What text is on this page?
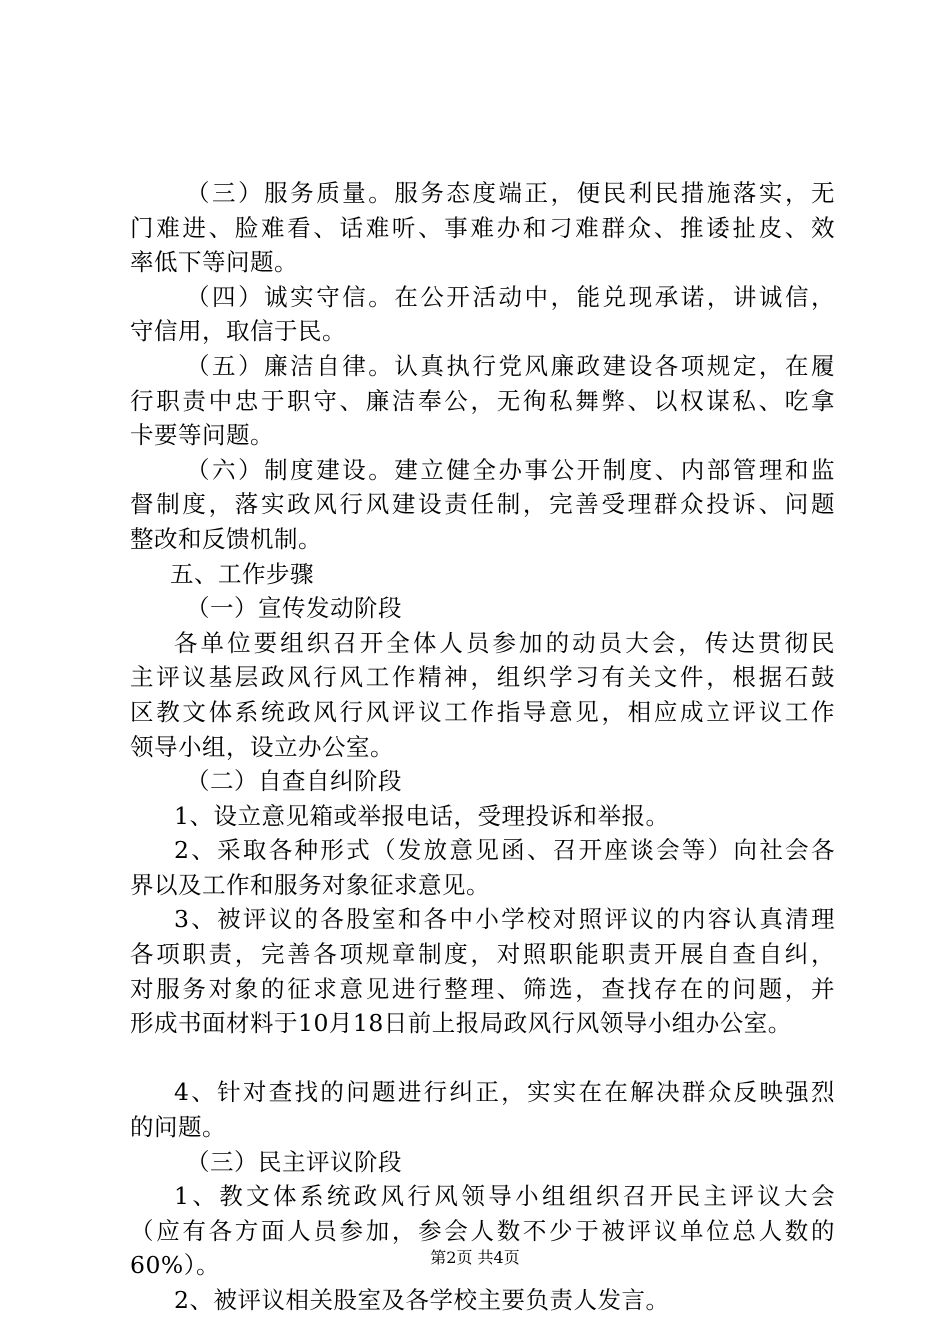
（三）服务质量。服务态度端正，便民利民措施落实，无
门难进、脸难看、话难听、事难办和刁难群众、推诿扯皮、效
率低下等问题。
（四）诚实守信。在公开活动中，能兑现承诺，讲诚信，
守信用，取信于民。
（五）廉洁自律。认真执行党风廉政建设各项规定，在履
行职责中忠于职守、廉洁奉公，无徇私舞弊、以权谋私、吃拿
卡要等问题。
（六）制度建设。建立健全办事公开制度、内部管理和监
督制度，落实政风行风建设责任制，完善受理群众投诉、问题
整改和反馈机制。
五、工作步骤
（一）宣传发动阶段
各单位要组织召开全体人员参加的动员大会，传达贯彻民
主评议基层政风行风工作精神，组织学习有关文件，根据石鼓
区教文体系统政风行风评议工作指导意见，相应成立评议工作
领导小组，设立办公室。
（二）自查自纠阶段
1、设立意见箱或举报电话，受理投诉和举报。
2、采取各种形式（发放意见函、召开座谈会等）向社会各
界以及工作和服务对象征求意见。
3、被评议的各股室和各中小学校对照评议的内容认真清理
各项职责，完善各项规章制度，对照职能职责开展自查自纠，
对服务对象的征求意见进行整理、筛选，查找存在的问题，并
形成书面材料于10月18日前上报局政风行风领导小组办公室。
4、针对查找的问题进行纠正，实实在在解决群众反映强烈
的问题。
（三）民主评议阶段
1、教文体系统政风行风领导小组组织召开民主评议大会
（应有各方面人员参加，参会人数不少于被评议单位总人数的
60%）。
2、被评议相关股室及各学校主要负责人发言。
第2页 共4页
